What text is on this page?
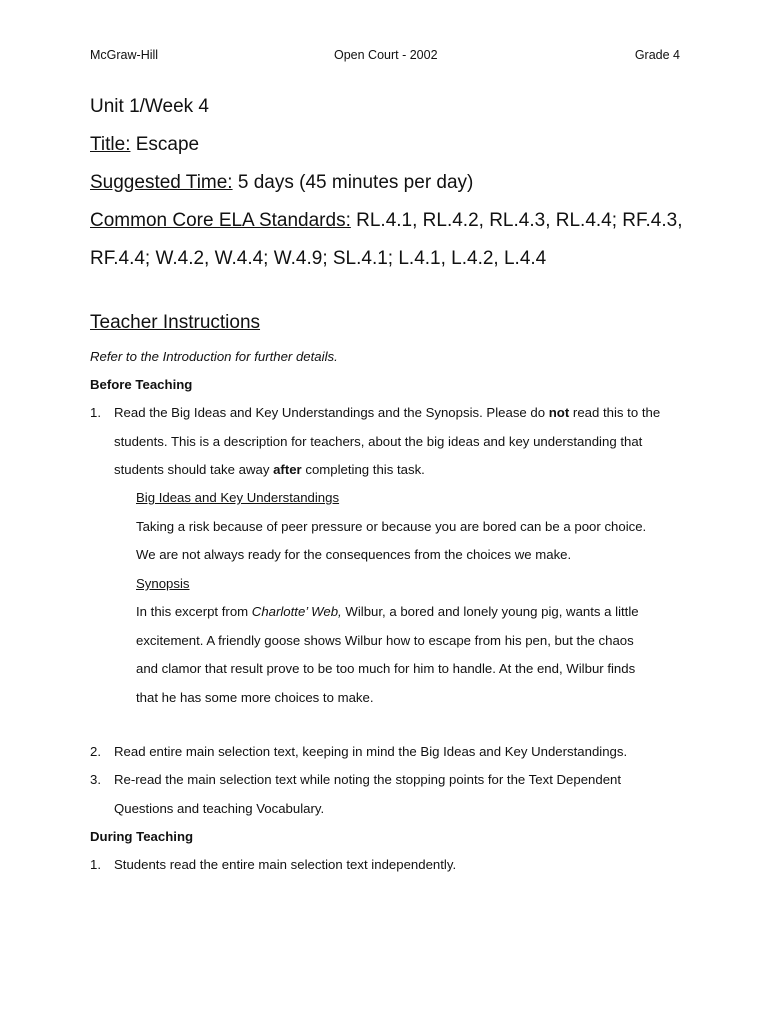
McGraw-Hill	Open Court - 2002	Grade 4
Unit 1/Week 4
Title: Escape
Suggested Time: 5 days (45 minutes per day)
Common Core ELA Standards: RL.4.1, RL.4.2, RL.4.3, RL.4.4; RF.4.3,
RF.4.4; W.4.2, W.4.4; W.4.9; SL.4.1; L.4.1, L.4.2, L.4.4
Teacher Instructions
Refer to the Introduction for further details.
Before Teaching
1. Read the Big Ideas and Key Understandings and the Synopsis. Please do not read this to the
students. This is a description for teachers, about the big ideas and key understanding that
students should take away after completing this task.
Big Ideas and Key Understandings
Taking a risk because of peer pressure or because you are bored can be a poor choice.
We are not always ready for the consequences from the choices we make.
Synopsis
In this excerpt from Charlotte’ Web, Wilbur, a bored and lonely young pig, wants a little
excitement. A friendly goose shows Wilbur how to escape from his pen, but the chaos
and clamor that result prove to be too much for him to handle. At the end, Wilbur finds
that he has some more choices to make.
2. Read entire main selection text, keeping in mind the Big Ideas and Key Understandings.
3. Re-read the main selection text while noting the stopping points for the Text Dependent
Questions and teaching Vocabulary.
During Teaching
1. Students read the entire main selection text independently.
